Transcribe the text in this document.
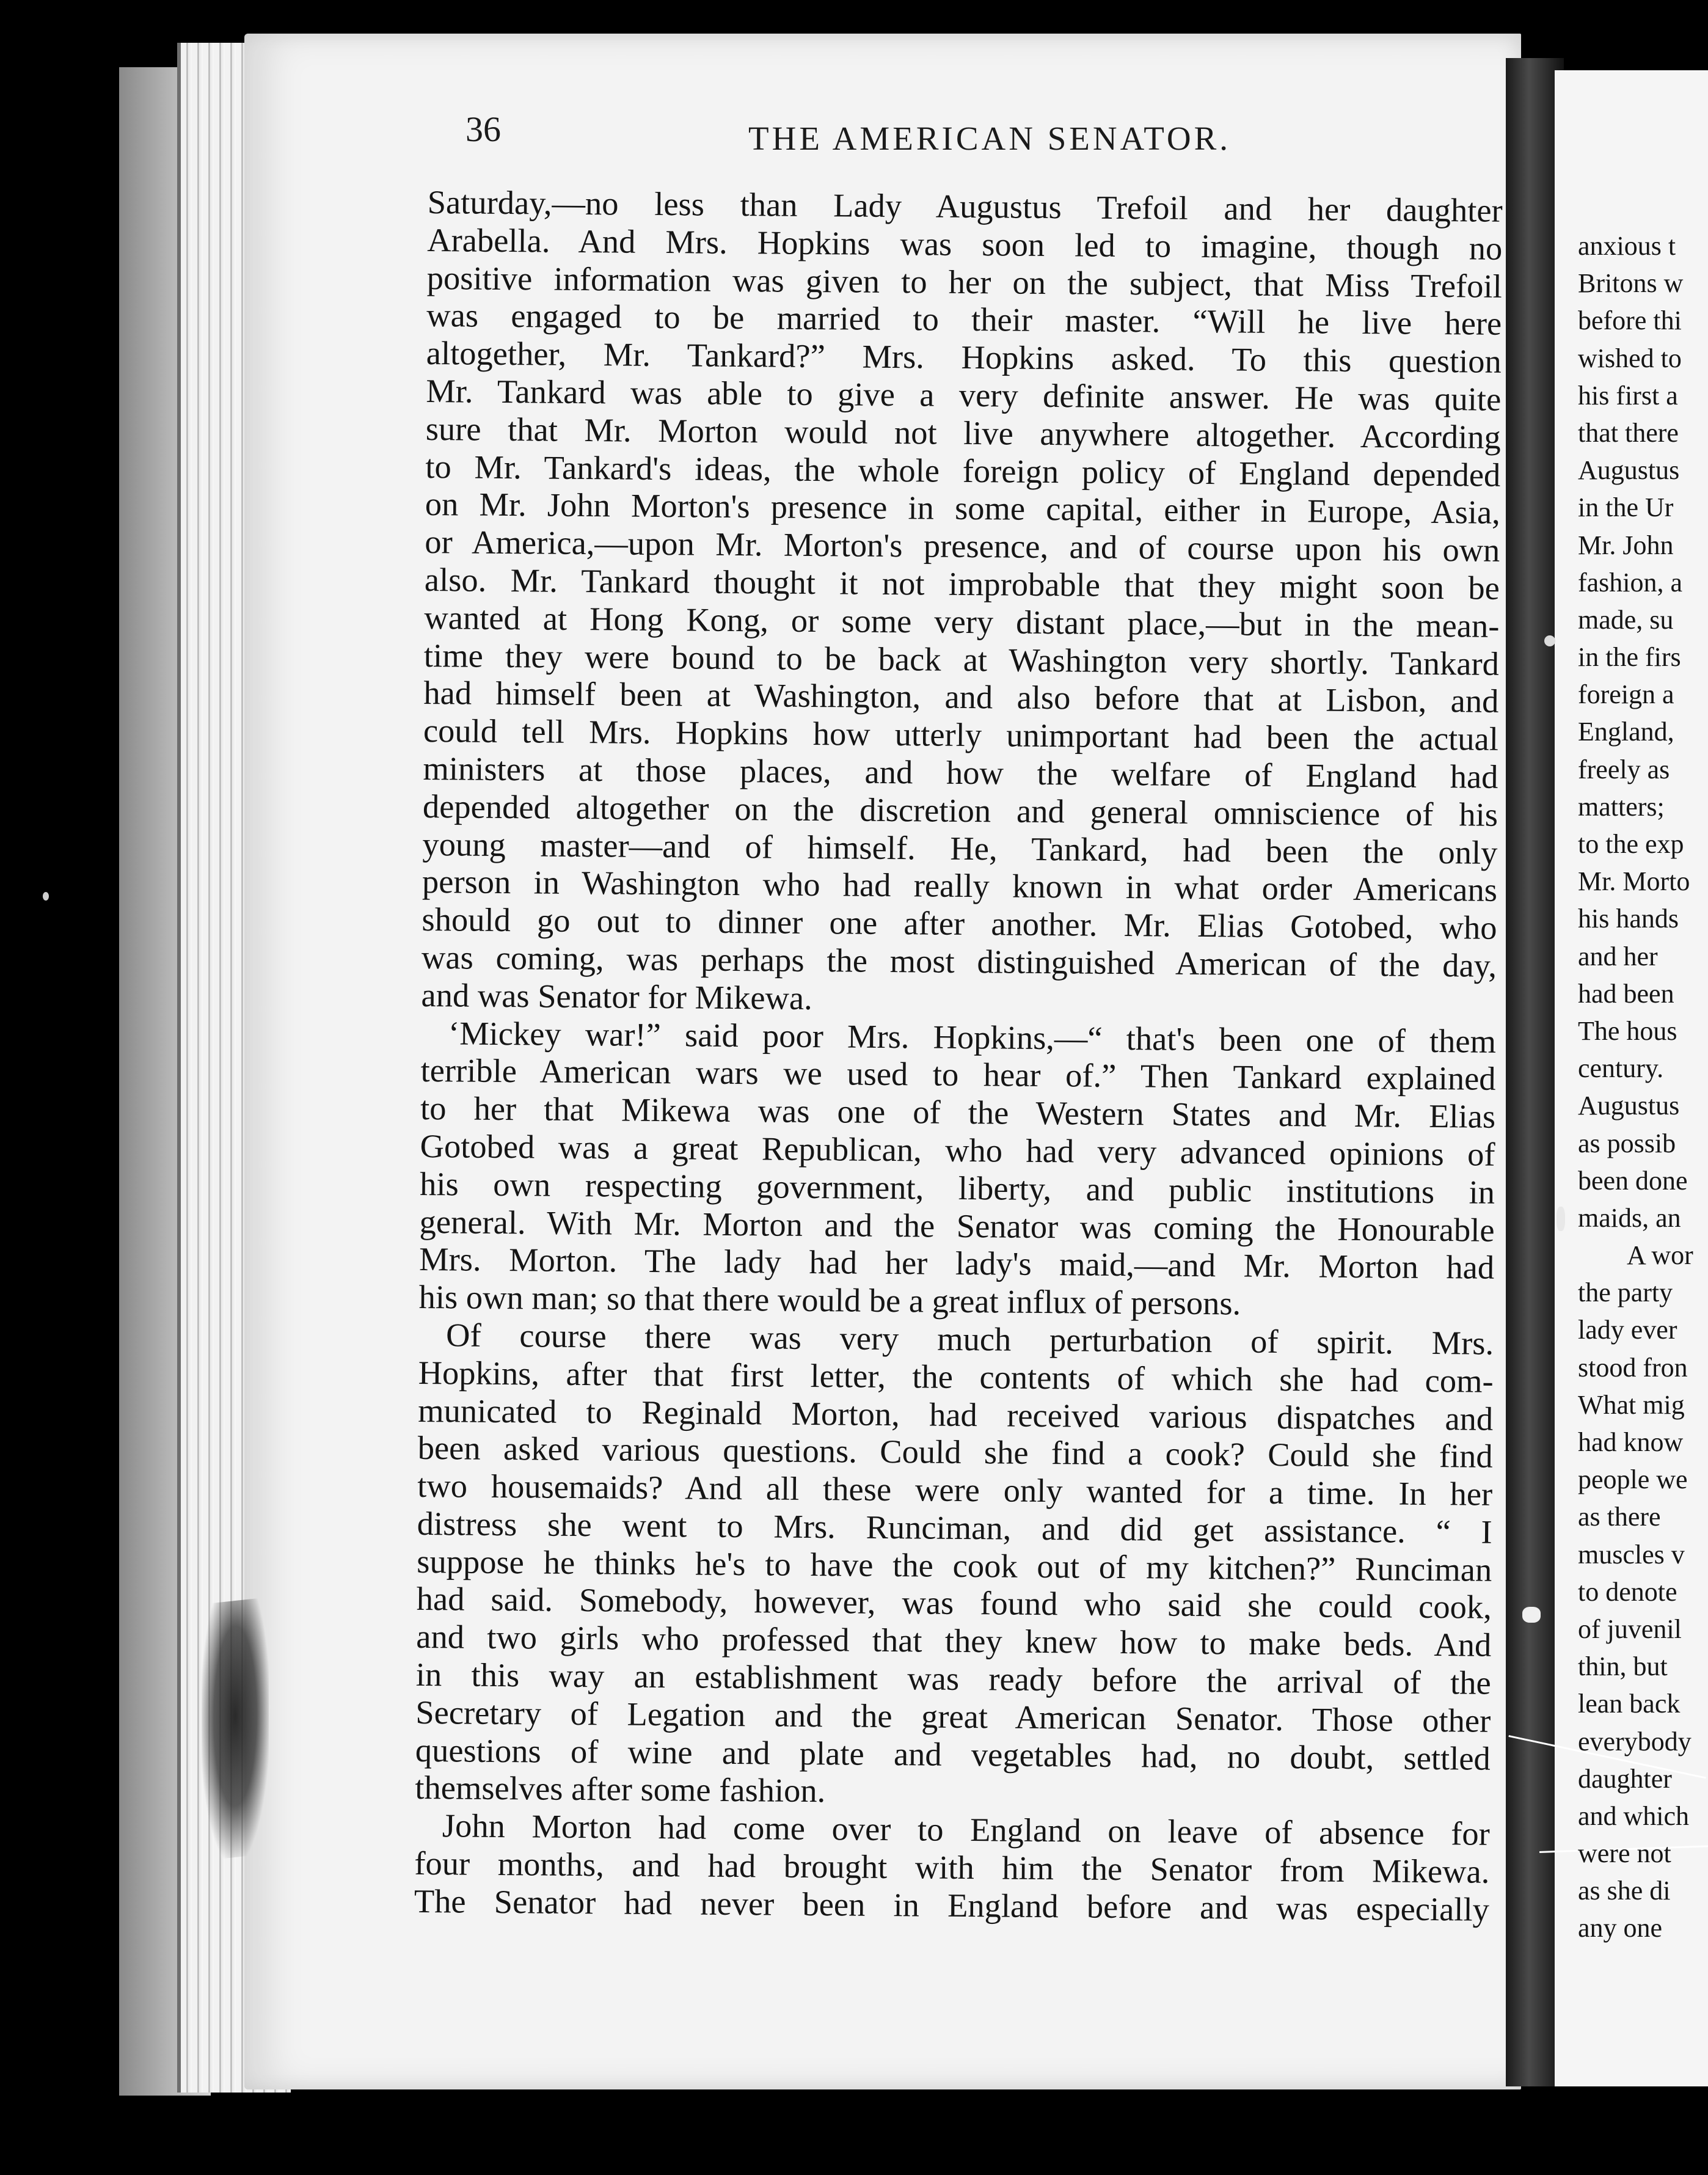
36	THE AMERICAN SENATOR.
Saturday,—no less than Lady Augustus Trefoil and her daughter
Arabella. And Mrs. Hopkins was soon led to imagine, though no
positive information was given to her on the subject, that Miss Trefoil
was engaged to be married to their master. “Will he live here
altogether, Mr. Tankard?” Mrs. Hopkins asked. To this question
Mr. Tankard was able to give a very definite answer. He was quite
sure that Mr. Morton would not live anywhere altogether. According
to Mr. Tankard's ideas, the whole foreign policy of England depended
on Mr. John Morton's presence in some capital, either in Europe, Asia,
or America,—upon Mr. Morton's presence, and of course upon his own
also. Mr. Tankard thought it not improbable that they might soon be
wanted at Hong Kong, or some very distant place,—but in the mean-
time they were bound to be back at Washington very shortly. Tankard
had himself been at Washington, and also before that at Lisbon, and
could tell Mrs. Hopkins how utterly unimportant had been the actual
ministers at those places, and how the welfare of England had
depended altogether on the discretion and general omniscience of his
young master—and of himself. He, Tankard, had been the only
person in Washington who had really known in what order Americans
should go out to dinner one after another. Mr. Elias Gotobed, who
was coming, was perhaps the most distinguished American of the day,
and was Senator for Mikewa.
‘Mickey war!” said poor Mrs. Hopkins,—“ that's been one of them
terrible American wars we used to hear of.” Then Tankard explained
to her that Mikewa was one of the Western States and Mr. Elias
Gotobed was a great Republican, who had very advanced opinions of
his own respecting government, liberty, and public institutions in
general. With Mr. Morton and the Senator was coming the Honourable
Mrs. Morton. The lady had her lady's maid,—and Mr. Morton had
his own man; so that there would be a great influx of persons.
Of course there was very much perturbation of spirit. Mrs.
Hopkins, after that first letter, the contents of which she had com-
municated to Reginald Morton, had received various dispatches and
been asked various questions. Could she find a cook? Could she find
two housemaids? And all these were only wanted for a time. In her
distress she went to Mrs. Runciman, and did get assistance. “ I
suppose he thinks he's to have the cook out of my kitchen?” Runciman
had said. Somebody, however, was found who said she could cook,
and two girls who professed that they knew how to make beds. And
in this way an establishment was ready before the arrival of the
Secretary of Legation and the great American Senator. Those other
questions of wine and plate and vegetables had, no doubt, settled
themselves after some fashion.
John Morton had come over to England on leave of absence for
four months, and had brought with him the Senator from Mikewa.
The Senator had never been in England before and was especially
anxious t
Britons w
before thi
wished to
his first a
that there
Augustus
in the Ur
Mr. John
fashion, a
made, su
in the firs
foreign a
England,
freely as
matters;
to the exp
Mr. Morto
his hands
and her
had been
The hous
century.
Augustus
as possib
been done
maids, an
A wor
the party
lady ever
stood fron
What mig
had know
people we
as there
muscles v
to denote
of juvenil
thin, but
lean back
everybody
daughter
and which
were not
as she di
any one
